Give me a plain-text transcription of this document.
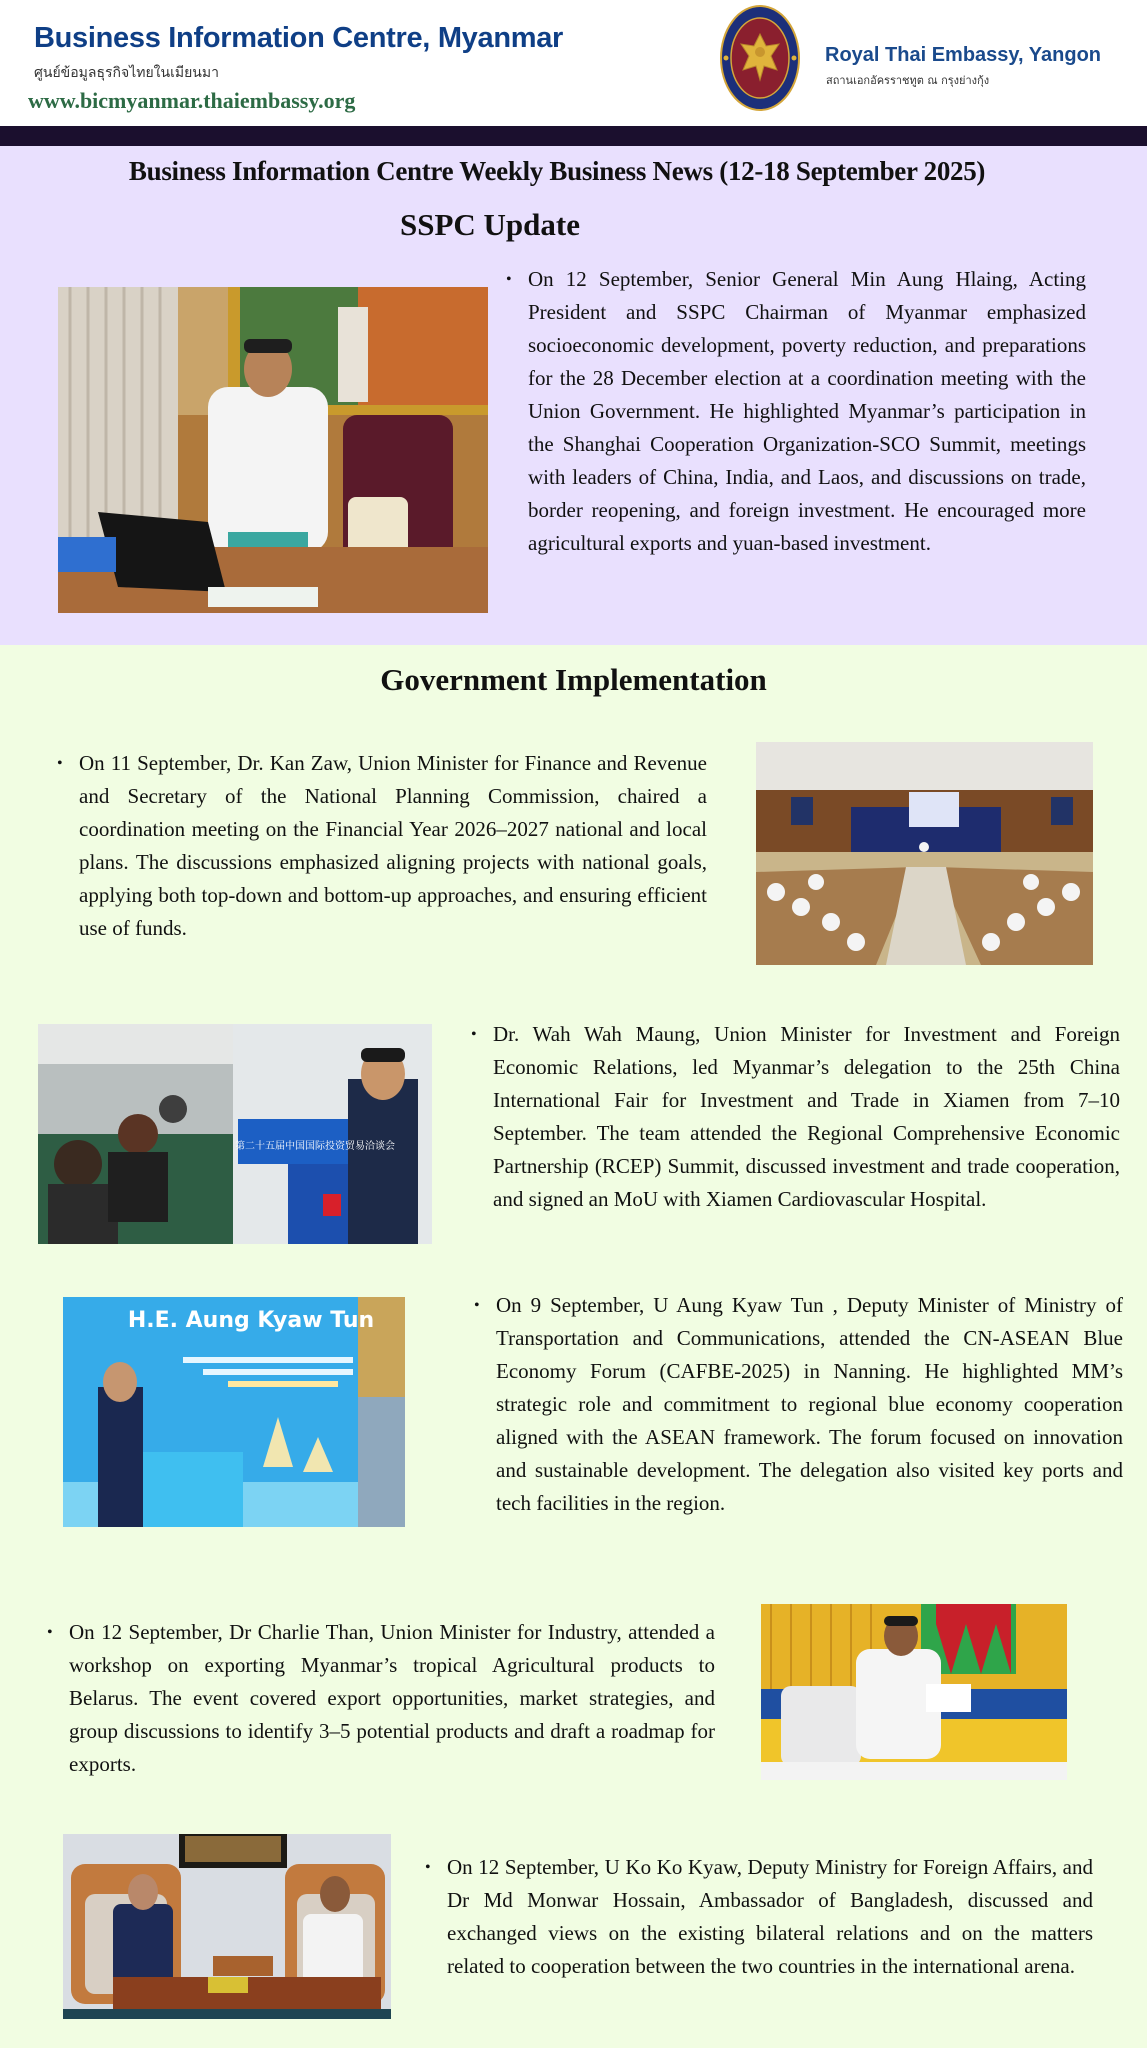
Business Information Centre, Myanmar
ศูนย์ข้อมูลธุรกิจไทยในเมียนมา
www.bicmyanmar.thaiembassy.org
Royal Thai Embassy, Yangon
สถานเอกอัครราชทูต ณ กรุงย่างกุ้ง
Business Information Centre Weekly Business News (12-18 September 2025)
SSPC Update
• On 12 September, Senior General Min Aung Hlaing, Acting President and SSPC Chairman of Myanmar emphasized socioeconomic development, poverty reduction, and preparations for the 28 December election at a coordination meeting with the Union Government. He highlighted Myanmar’s participation in the Shanghai Cooperation Organization-SCO Summit, meetings with leaders of China, India, and Laos, and discussions on trade, border reopening, and foreign investment. He encouraged more agricultural exports and yuan-based investment.
Government Implementation
• On 11 September, Dr. Kan Zaw, Union Minister for Finance and Revenue and Secretary of the National Planning Commission, chaired a coordination meeting on the Financial Year 2026–2027 national and local plans. The discussions emphasized aligning projects with national goals, applying both top-down and bottom-up approaches, and ensuring efficient use of funds.
第二十五届中国国际投资贸易洽谈会
• Dr. Wah Wah Maung, Union Minister for Investment and Foreign Economic Relations, led Myanmar’s delegation to the 25th China International Fair for Investment and Trade in Xiamen from 7–10 September. The team attended the Regional Comprehensive Economic Partnership (RCEP) Summit, discussed investment and trade cooperation, and signed an MoU with Xiamen Cardiovascular Hospital.
H.E. Aung Kyaw Tun
• On 9 September, U Aung Kyaw Tun , Deputy Minister of Ministry of Transportation and Communications, attended the CN-ASEAN Blue Economy Forum (CAFBE-2025) in Nanning. He highlighted MM’s strategic role and commitment to regional blue economy cooperation aligned with the ASEAN framework. The forum focused on innovation and sustainable development. The delegation also visited key ports and tech facilities in the region.
• On 12 September, Dr Charlie Than, Union Minister for Industry, attended a workshop on exporting Myanmar’s tropical Agricultural products to Belarus. The event covered export opportunities, market strategies, and group discussions to identify 3–5 potential products and draft a roadmap for exports.
• On 12 September, U Ko Ko Kyaw, Deputy Ministry for Foreign Affairs, and Dr Md Monwar Hossain, Ambassador of Bangladesh, discussed and exchanged views on the existing bilateral relations and on the matters related to cooperation between the two countries in the international arena.
